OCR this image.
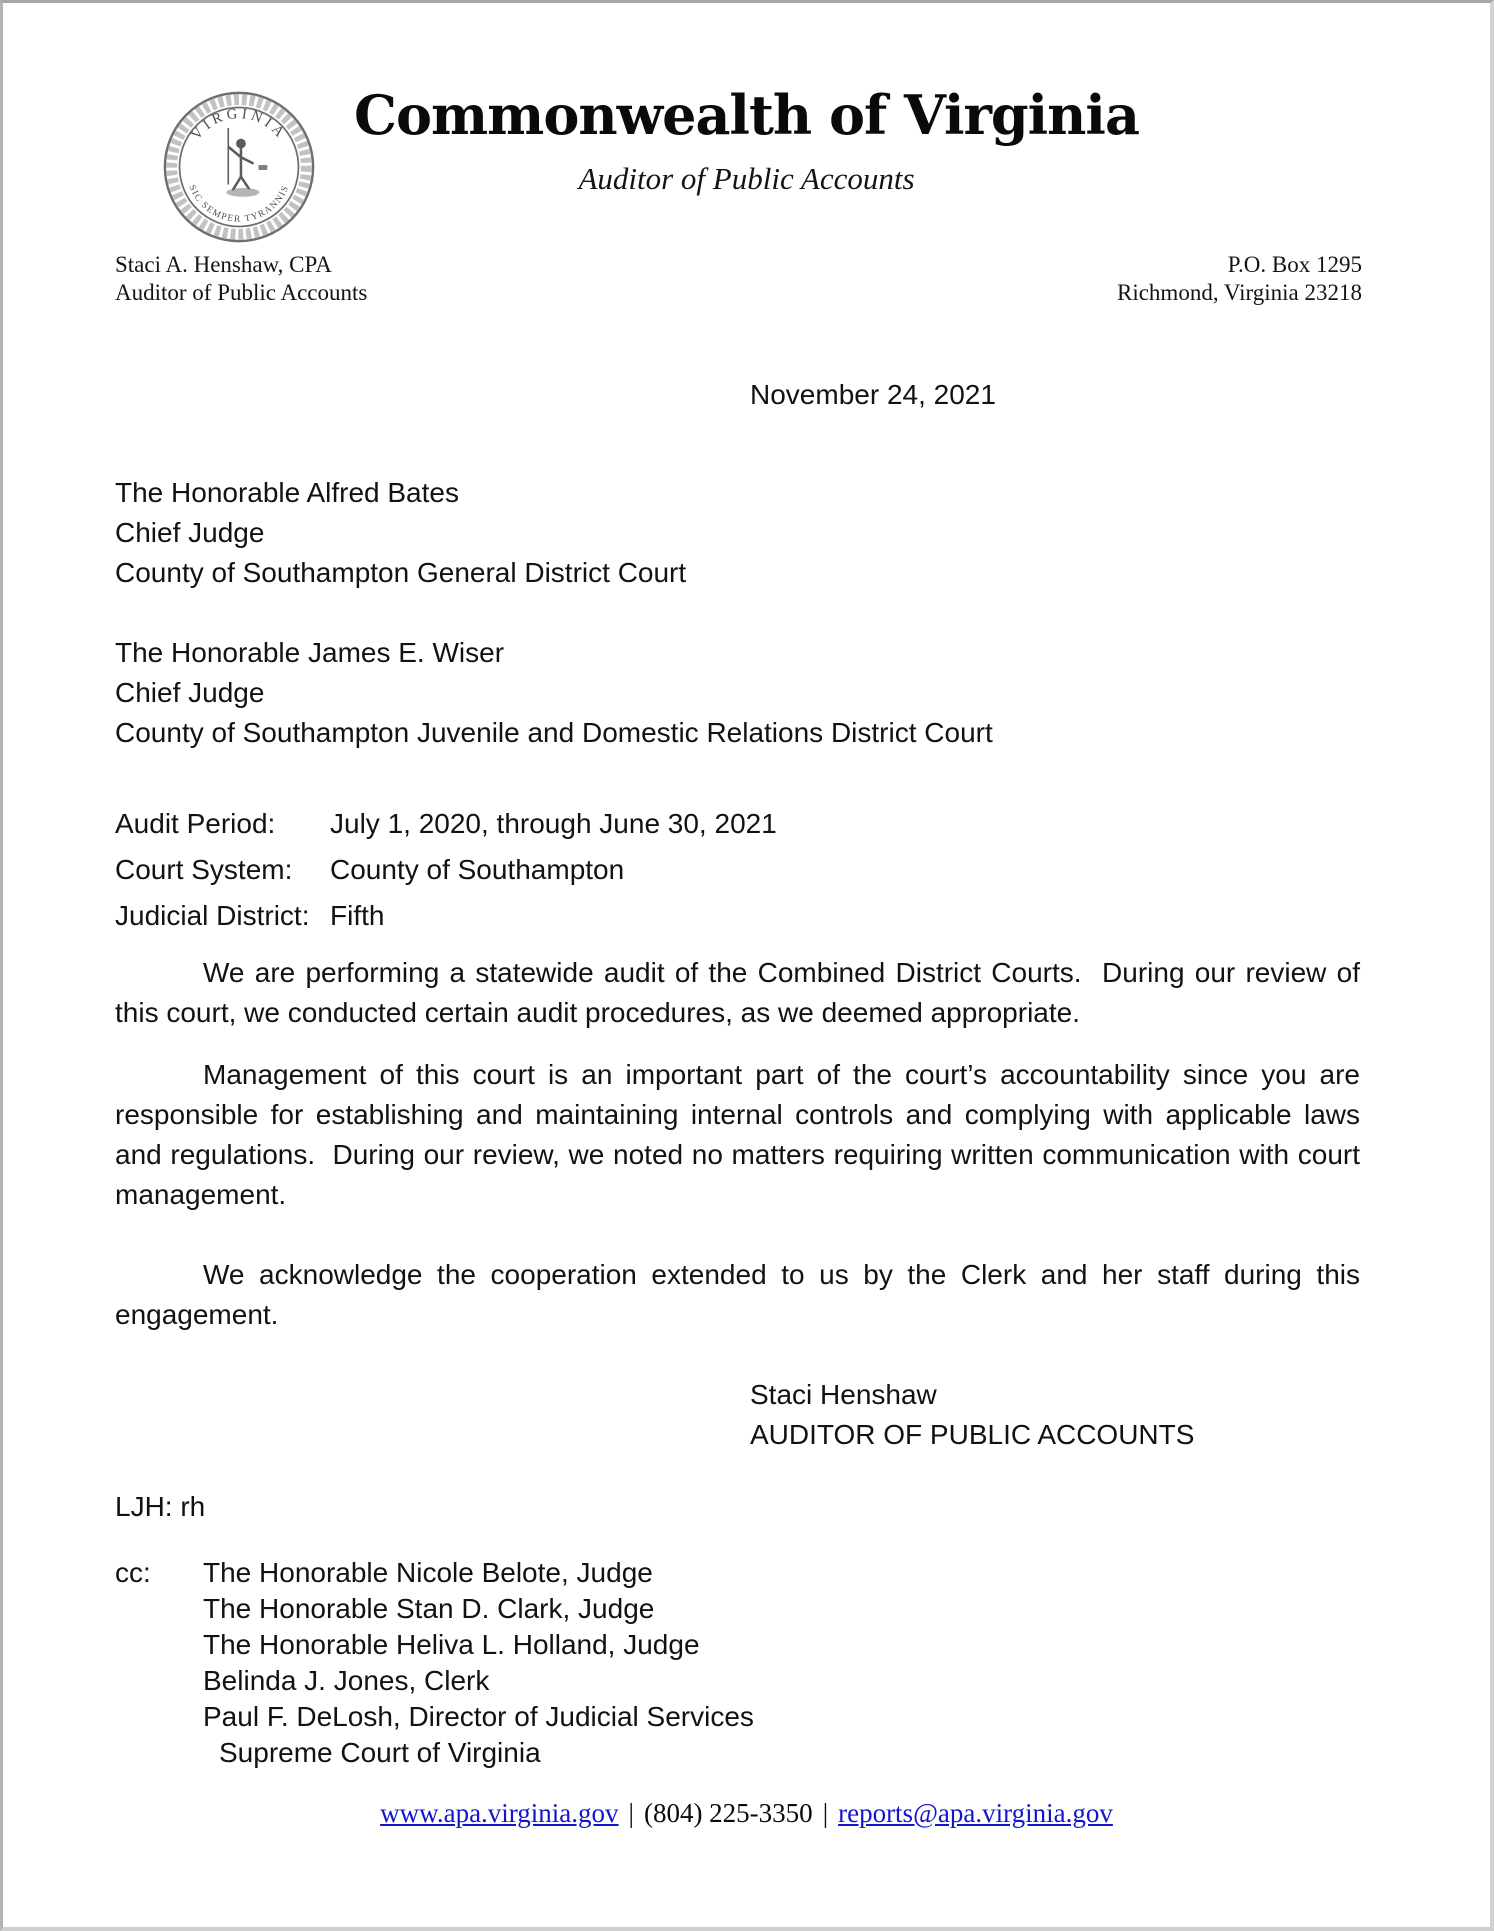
VIRGINIA
SIC SEMPER TYRANNIS
Commonwealth of Virginia
Auditor of Public Accounts
Staci A. Henshaw, CPA
Auditor of Public Accounts
P.O. Box 1295
Richmond, Virginia 23218
November 24, 2021
The Honorable Alfred Bates
Chief Judge
County of Southampton General District Court
The Honorable James E. Wiser
Chief Judge
County of Southampton Juvenile and Domestic Relations District Court
Audit Period:	July 1, 2020, through June 30, 2021
Court System:	County of Southampton
Judicial District: Fifth

We are performing a statewide audit of the Combined District Courts.  During our review of this court, we conducted certain audit procedures, as we deemed appropriate.

Management of this court is an important part of the court’s accountability since you are responsible for establishing and maintaining internal controls and complying with applicable laws and regulations.  During our review, we noted no matters requiring written communication with court management.

We acknowledge the cooperation extended to us by the Clerk and her staff during this engagement.

Staci Henshaw
AUDITOR OF PUBLIC ACCOUNTS
LJH: rh
cc:	The Honorable Nicole Belote, Judge
The Honorable Stan D. Clark, Judge
The Honorable Heliva L. Holland, Judge
Belinda J. Jones, Clerk
Paul F. DeLosh, Director of Judicial Services
Supreme Court of Virginia
www.apa.virginia.gov | (804) 225-3350 | reports@apa.virginia.gov
